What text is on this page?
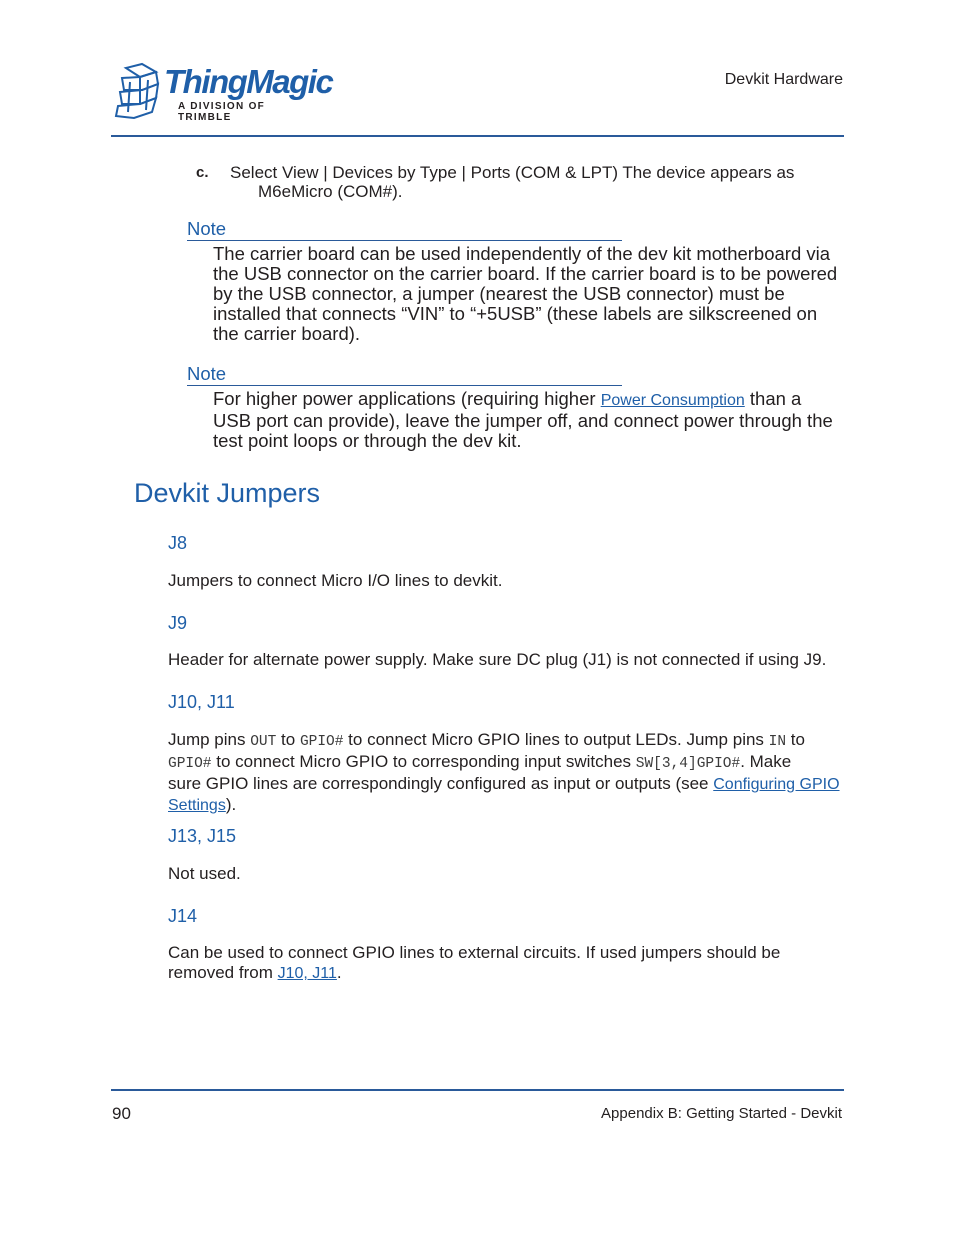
ThingMagic
A DIVISION OF TRIMBLE
Devkit Hardware
c. Select View | Devices by Type | Ports (COM & LPT) The device appears as
M6eMicro (COM#).
Note
The carrier board can be used independently of the dev kit motherboard via
the USB connector on the carrier board. If the carrier board is to be powered
by the USB connector, a jumper (nearest the USB connector) must be
installed that connects “VIN” to “+5USB” (these labels are silkscreened on
the carrier board).
Note
For higher power applications (requiring higher Power Consumption than a
USB port can provide), leave the jumper off, and connect power through the
test point loops or through the dev kit.
Devkit Jumpers
J8
Jumpers to connect Micro I/O lines to devkit.
J9
Header for alternate power supply. Make sure DC plug (J1) is not connected if using J9.
J10, J11
Jump pins OUT to GPIO# to connect Micro GPIO lines to output LEDs. Jump pins IN to
GPIO# to connect Micro GPIO to corresponding input switches SW[3,4]GPIO#. Make
sure GPIO lines are correspondingly configured as input or outputs (see Configuring GPIO
Settings).
J13, J15
Not used.
J14
Can be used to connect GPIO lines to external circuits. If used jumpers should be
removed from J10, J11.
90	Appendix B: Getting Started - Devkit
